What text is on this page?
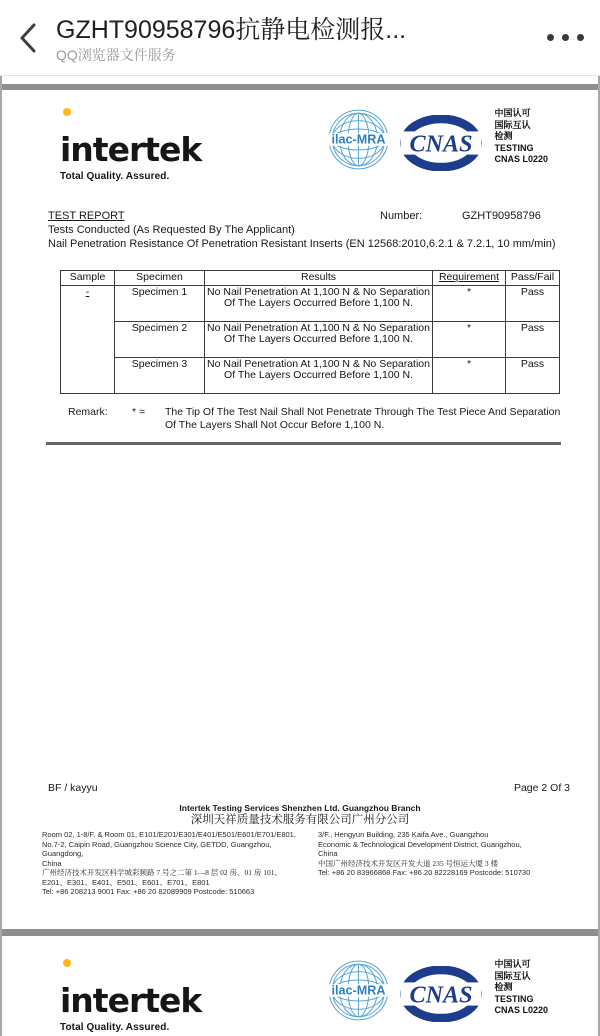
GZHT90958796抗静电检测报...
QQ浏览器文件服务
intertek
Total Quality. Assured.
ilac-MRA CNAS
中国认可
国际互认
检测
TESTING
CNAS L0220
TEST REPORT	Number:	GZHT90958796
Tests Conducted (As Requested By The Applicant)
Nail Penetration Resistance Of Penetration Resistant Inserts (EN 12568:2010,6.2.1 & 7.2.1, 10 mm/min)
Sample	Specimen	Results	Requirement	Pass/Fail
-	Specimen 1	No Nail Penetration At 1,100 N & No Separation Of The Layers Occurred Before 1,100 N.	*	Pass
	Specimen 2	No Nail Penetration At 1,100 N & No Separation Of The Layers Occurred Before 1,100 N.	*	Pass
	Specimen 3	No Nail Penetration At 1,100 N & No Separation Of The Layers Occurred Before 1,100 N.	*	Pass
Remark:	* =	The Tip Of The Test Nail Shall Not Penetrate Through The Test Piece And Separation Of The Layers Shall Not Occur Before 1,100 N.
BF / kayyu	Page 2 Of 3
Intertek Testing Services Shenzhen Ltd. Guangzhou Branch
深圳天祥质量技术服务有限公司广州分公司
Room 02, 1-8/F. & Room 01, E101/E201/E301/E401/E501/E601/E701/E801,
No.7-2, Caipin Road, Guangzhou Science City, GETDD, Guangzhou, Guangdong,
China
广州经济技术开发区科学城彩频路 7 号之二第 1—8 层 02 房、01 房 101、
E201、E301、E401、E501、E601、E701、E801
Tel: +86 208213 9001 Fax: +86 20 82089909 Postcode: 510663
3/F., Hengyun Building, 235 Kaifa Ave., Guangzhou
Economic & Technological Development District, Guangzhou,
China
中国广州经济技术开发区开发大道 235 号恒运大厦 3 楼
Tel: +86 20 83966868 Fax: +86 20 82228169 Postcode: 510730
intertek
Total Quality. Assured.
ilac-MRA CNAS
中国认可
国际互认
检测
TESTING
CNAS L0220
